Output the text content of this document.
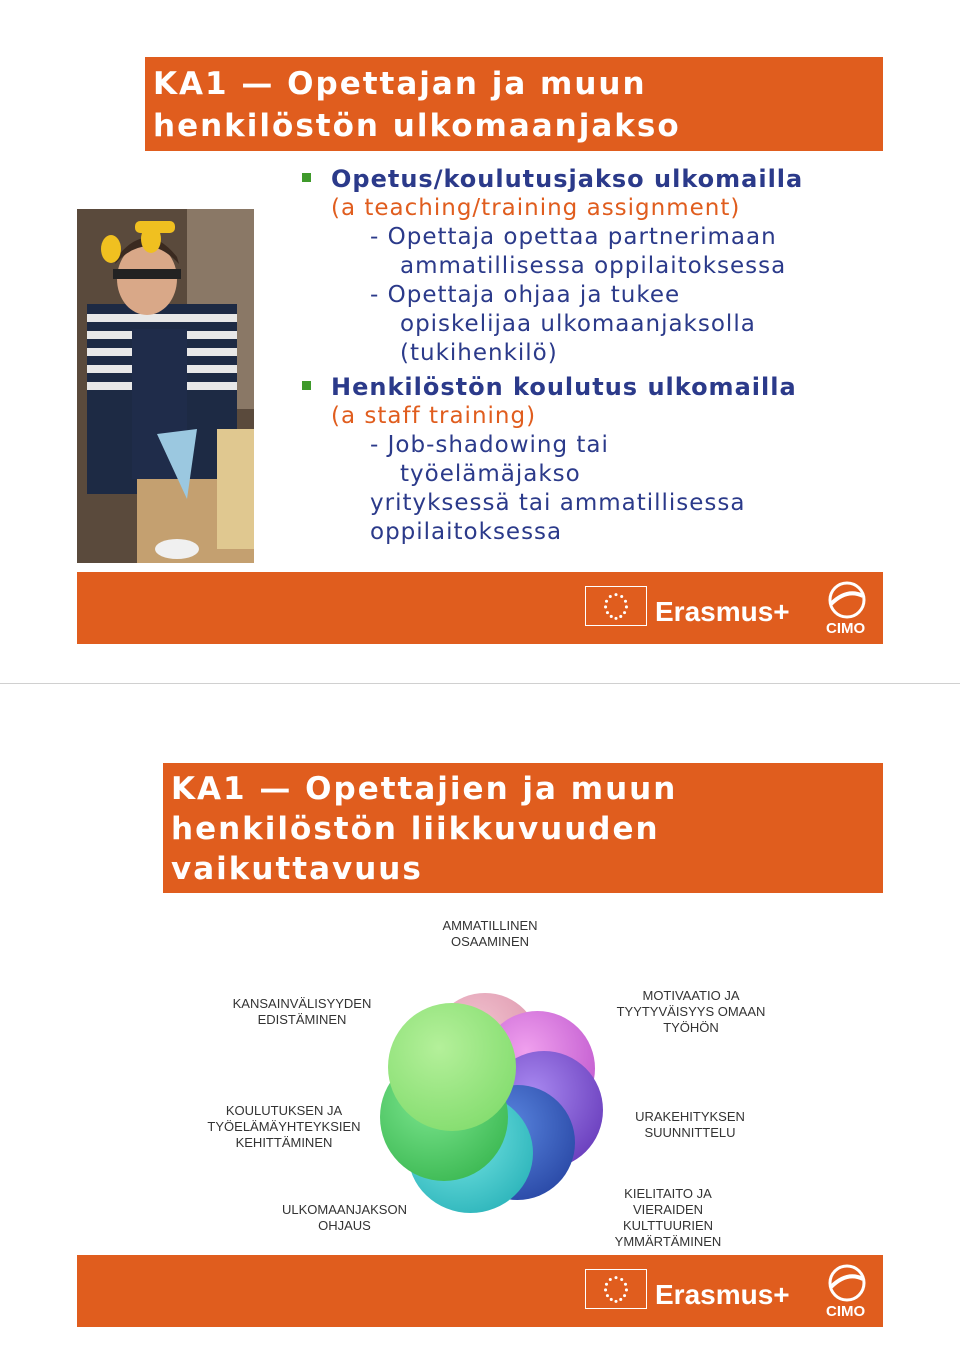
KA1 — Opettajan ja muun
henkilöstön ulkomaanjakso
Opetus/koulutusjakso ulkomailla
(a teaching/training assignment)
- Opettaja opettaa partnerimaan
ammatillisessa oppilaitoksessa
- Opettaja ohjaa ja tukee
opiskelijaa ulkomaanjaksolla
(tukihenkilö)
Henkilöstön koulutus ulkomailla
(a staff training)
- Job-shadowing tai
työelämäjakso
yrityksessä tai ammatillisessa
oppilaitoksessa
Erasmus+
CIMO
KA1 — Opettajien ja muun
henkilöstön liikkuvuuden
vaikuttavuus
AMMATILLINEN
OSAAMINEN
KANSAINVÄLISYYDEN
EDISTÄMINEN
MOTIVAATIO JA
TYYTYVÄISYYS OMAAN
TYÖHÖN
KOULUTUKSEN JA
TYÖELÄMÄYHTEYKSIEN
KEHITTÄMINEN
URAKEHITYKSEN
SUUNNITTELU
ULKOMAANJAKSON
OHJAUS
KIELITAITO JA
VIERAIDEN
KULTTUURIEN
YMMÄRTÄMINEN
Erasmus+
CIMO
